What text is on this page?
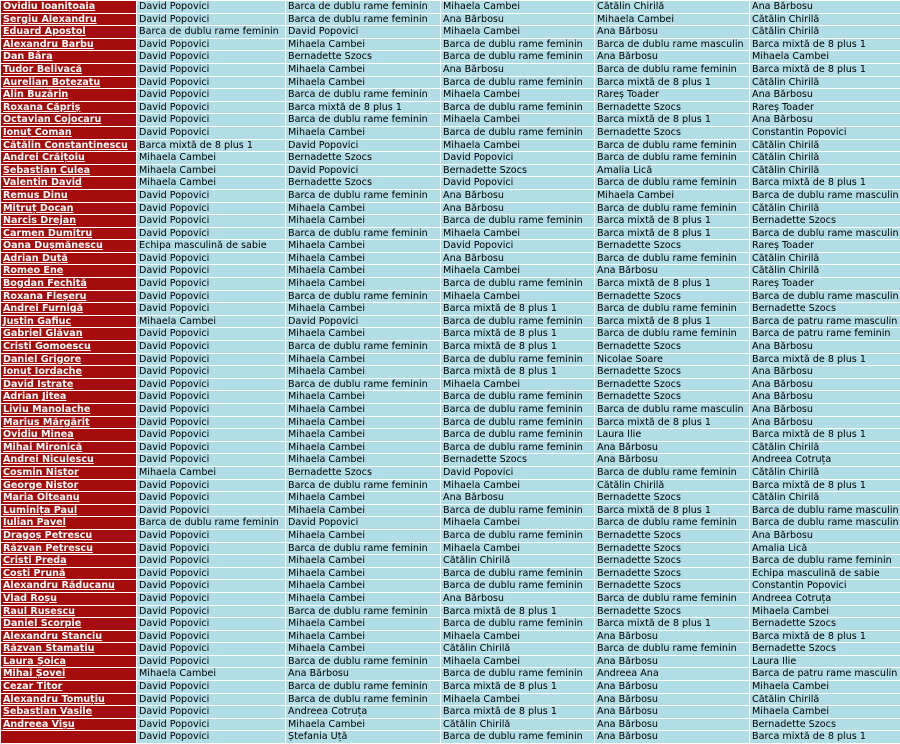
Ovidiu Ioanițoaia	David Popovici	Barca de dublu rame feminin	Mihaela Cambei	Cătălin Chirilă	Ana Bărbosu
Sergiu Alexandru	David Popovici	Barca de dublu rame feminin	Ana Bărbosu	Mihaela Cambei	Cătălin Chirilă
Eduard Apostol	Barca de dublu rame feminin	David Popovici	Mihaela Cambei	Ana Bărbosu	Cătălin Chirilă
Alexandru Barbu	David Popovici	Mihaela Cambei	Barca de dublu rame feminin	Barca de dublu rame masculin	Barca mixtă de 8 plus 1
Dan Bâra	David Popovici	Bernadette Szocs	Barca de dublu rame feminin	Ana Bărbosu	Mihaela Cambei
Tudor Belivacă	David Popovici	Mihaela Cambei	Ana Bărbosu	Barca de dublu rame feminin	Barca mixtă de 8 plus 1
Aurelian Botezatu	David Popovici	Mihaela Cambei	Barca de dublu rame feminin	Barca mixtă de 8 plus 1	Cătălin Chirilă
Alin Buzărin	David Popovici	Barca de dublu rame feminin	Mihaela Cambei	Rareș Toader	Ana Bărbosu
Roxana Căpriș	David Popovici	Barca mixtă de 8 plus 1	Barca de dublu rame feminin	Bernadette Szocs	Rareș Toader
Octavian Cojocaru	David Popovici	Barca de dublu rame feminin	Mihaela Cambei	Barca mixtă de 8 plus 1	Ana Bărbosu
Ionuț Coman	David Popovici	Mihaela Cambei	Barca de dublu rame feminin	Bernadette Szocs	Constantin Popovici
Cătălin Constantinescu	Barca mixtă de 8 plus 1	David Popovici	Mihaela Cambei	Barca de dublu rame feminin	Cătălin Chirilă
Andrei Crăițoiu	Mihaela Cambei	Bernadette Szocs	David Popovici	Barca de dublu rame feminin	Cătălin Chirilă
Sebastian Culea	Mihaela Cambei	David Popovici	Bernadette Szocs	Amalia Lică	Cătălin Chirilă
Valentin David	Mihaela Cambei	Bernadette Szocs	David Popovici	Barca de dublu rame feminin	Barca mixtă de 8 plus 1
Remus Dinu	David Popovici	Barca de dublu rame feminin	Ana Bărbosu	Mihaela Cambei	Barca de dublu rame masculin
Mitruț Docan	David Popovici	Mihaela Cambei	Ana Bărbosu	Barca de dublu rame feminin	Cătălin Chirilă
Narcis Drejan	David Popovici	Mihaela Cambei	Barca de dublu rame feminin	Barca mixtă de 8 plus 1	Bernadette Szocs
Carmen Dumitru	David Popovici	Barca de dublu rame feminin	Mihaela Cambei	Barca mixtă de 8 plus 1	Barca de dublu rame masculin
Oana Dușmănescu	Echipa masculină de sabie	Mihaela Cambei	David Popovici	Bernadette Szocs	Rareș Toader
Adrian Duță	David Popovici	Mihaela Cambei	Ana Bărbosu	Barca de dublu rame feminin	Cătălin Chirilă
Romeo Ene	David Popovici	Mihaela Cambei	Mihaela Cambei	Ana Bărbosu	Cătălin Chirilă
Bogdan Fechită	David Popovici	Mihaela Cambei	Barca de dublu rame feminin	Barca mixtă de 8 plus 1	Rareș Toader
Roxana Fleșeru	David Popovici	Barca de dublu rame feminin	Mihaela Cambei	Bernadette Szocs	Barca de dublu rame masculin
Andrei Furnigă	David Popovici	Mihaela Cambei	Barca mixtă de 8 plus 1	Barca de dublu rame feminin	Bernadette Szocs
Justin Gafiuc	Mihaela Cambei	David Popovici	Barca de dublu rame feminin	Barca mixtă de 8 plus 1	Barca de patru rame masculin
Gabriel Glăvan	David Popovici	Mihaela Cambei	Barca mixtă de 8 plus 1	Barca de dublu rame feminin	Barca de patru rame feminin
Cristi Gomoescu	David Popovici	Barca de dublu rame feminin	Barca mixtă de 8 plus 1	Bernadette Szocs	Ana Bărbosu
Daniel Grigore	David Popovici	Mihaela Cambei	Barca de dublu rame feminin	Nicolae Soare	Barca mixtă de 8 plus 1
Ionuț Iordache	David Popovici	Mihaela Cambei	Barca mixtă de 8 plus 1	Bernadette Szocs	Ana Bărbosu
David Istrate	David Popovici	Barca de dublu rame feminin	Mihaela Cambei	Bernadette Szocs	Ana Bărbosu
Adrian Jitea	David Popovici	Mihaela Cambei	Barca de dublu rame feminin	Bernadette Szocs	Ana Bărbosu
Liviu Manolache	David Popovici	Mihaela Cambei	Barca de dublu rame feminin	Barca de dublu rame masculin	Ana Bărbosu
Marius Mărgărit	David Popovici	Mihaela Cambei	Barca de dublu rame feminin	Barca mixtă de 8 plus 1	Ana Bărbosu
Ovidiu Minea	David Popovici	Mihaela Cambei	Barca de dublu rame feminin	Laura Ilie	Barca mixtă de 8 plus 1
Mihai Mironică	David Popovici	Mihaela Cambei	Barca de dublu rame feminin	Ana Bărbosu	Cătălin Chirilă
Andrei Niculescu	David Popovici	Mihaela Cambei	Bernadette Szocs	Ana Bărbosu	Andreea Cotruța
Cosmin Nistor	Mihaela Cambei	Bernadette Szocs	David Popovici	Barca de dublu rame feminin	Cătălin Chirilă
George Nistor	David Popovici	Barca de dublu rame feminin	Mihaela Cambei	Cătălin Chirilă	Barca mixtă de 8 plus 1
Maria Olteanu	David Popovici	Mihaela Cambei	Ana Bărbosu	Bernadette Szocs	Cătălin Chirilă
Luminița Paul	David Popovici	Mihaela Cambei	Barca de dublu rame feminin	Barca mixtă de 8 plus 1	Barca de dublu rame masculin
Iulian Pavel	Barca de dublu rame feminin	David Popovici	Mihaela Cambei	Barca de dublu rame feminin	Barca de dublu rame masculin
Dragoș Petrescu	David Popovici	Mihaela Cambei	Barca de dublu rame feminin	Bernadette Szocs	Ana Bărbosu
Răzvan Petrescu	David Popovici	Barca de dublu rame feminin	Mihaela Cambei	Bernadette Szocs	Amalia Lică
Cristi Preda	David Popovici	Mihaela Cambei	Cătălin Chirilă	Bernadette Szocs	Barca de dublu rame feminin
Costi Prună	David Popovici	Mihaela Cambei	Barca de dublu rame feminin	Bernadette Szocs	Echipa masculină de sabie
Alexandru Răducanu	David Popovici	Mihaela Cambei	Barca de dublu rame feminin	Bernadette Szocs	Constantin Popovici
Vlad Roșu	David Popovici	Mihaela Cambei	Ana Bărbosu	Barca de dublu rame feminin	Andreea Cotruța
Raul Rusescu	David Popovici	Barca de dublu rame feminin	Barca mixtă de 8 plus 1	Bernadette Szocs	Mihaela Cambei
Daniel Scorpie	David Popovici	Mihaela Cambei	Barca de dublu rame feminin	Barca mixtă de 8 plus 1	Bernadette Szocs
Alexandru Stanciu	David Popovici	Mihaela Cambei	Mihaela Cambei	Ana Bărbosu	Barca mixtă de 8 plus 1
Răzvan Stamatiu	David Popovici	Mihaela Cambei	Cătălin Chirilă	Barca de dublu rame feminin	Bernadette Szocs
Laura Șoica	David Popovici	Barca de dublu rame feminin	Mihaela Cambei	Ana Bărbosu	Laura Ilie
Mihai Șovei	Mihaela Cambei	Ana Bărbosu	Barca de dublu rame feminin	Andreea Ana	Barca de patru rame masculin
Cezar Titor	David Popovici	Barca de dublu rame feminin	Barca mixtă de 8 plus 1	Ana Bărbosu	Mihaela Cambei
Alexandru Tomuțiu	David Popovici	Barca de dublu rame feminin	Mihaela Cambei	Ana Bărbosu	Cătălin Chirilă
Sebastian Vasile	David Popovici	Andreea Cotruța	Barca mixtă de 8 plus 1	Ana Bărbosu	Mihaela Cambei
Andreea Vișu	David Popovici	Mihaela Cambei	Cătălin Chirilă	Ana Bărbosu	Bernadette Szocs
	David Popovici	Ștefania Uță	Barca de dublu rame feminin	Ana Bărbosu	Barca mixtă de 8 plus 1
